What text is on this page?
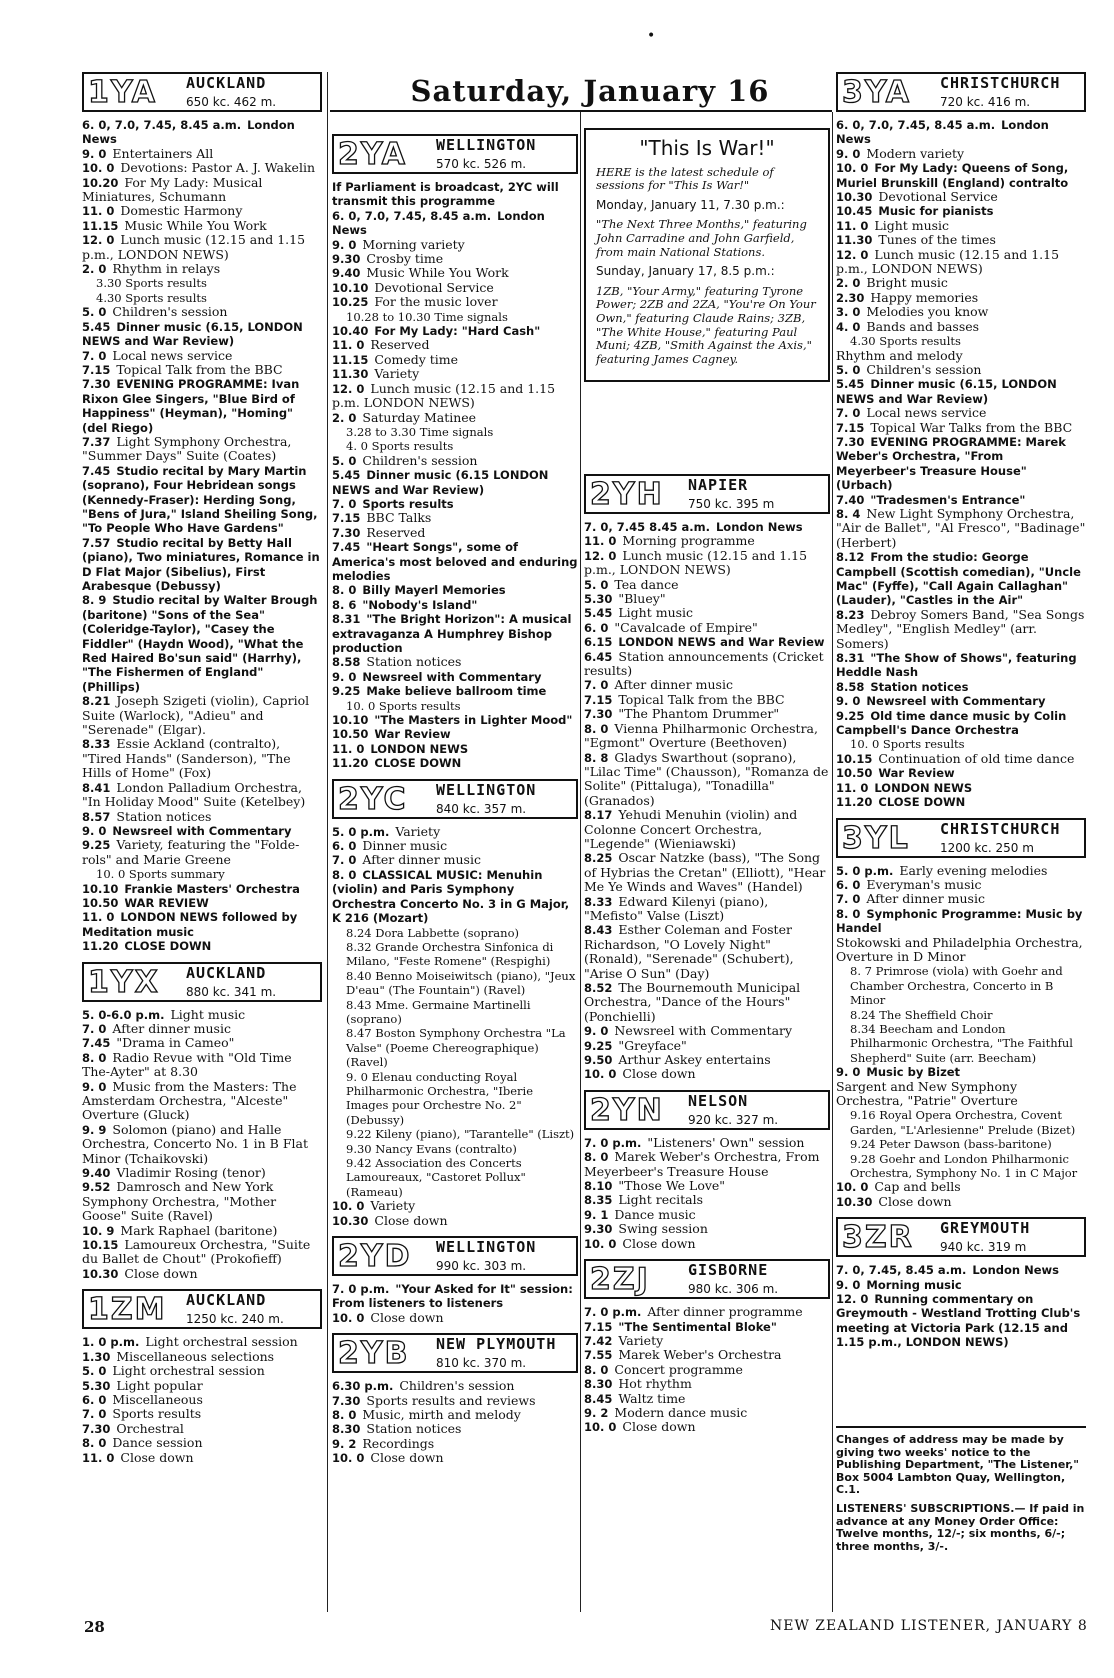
•
Saturday, January 16
1YA AUCKLAND
650 kc. 462 m.
6. 0, 7.0, 7.45, 8.45 a.m. London News
9. 0 Entertainers All
10. 0 Devotions: Pastor A. J. Wakelin
10.20 For My Lady: Musical Miniatures, Schumann
11. 0 Domestic Harmony
11.15 Music While You Work
12. 0 Lunch music (12.15 and 1.15 p.m., LONDON NEWS)
2. 0 Rhythm in relays
3.30 Sports results
4.30 Sports results
5. 0 Children's session
5.45 Dinner music (6.15, LONDON NEWS and War Review)
7. 0 Local news service
7.15 Topical Talk from the BBC
7.30 EVENING PROGRAMME: Ivan Rixon Glee Singers, "Blue Bird of Happiness" (Heyman), "Homing" (del Riego)
7.37 Light Symphony Orchestra, "Summer Days" Suite (Coates)
7.45 Studio recital by Mary Martin (soprano), Four Hebridean songs (Kennedy-Fraser): Herding Song, "Bens of Jura," Island Sheiling Song, "To People Who Have Gardens"
7.57 Studio recital by Betty Hall (piano), Two miniatures, Romance in D Flat Major (Sibelius), First Arabesque (Debussy)
8. 9 Studio recital by Walter Brough (baritone) "Sons of the Sea" (Coleridge-Taylor), "Casey the Fiddler" (Haydn Wood), "What the Red Haired Bo'sun said" (Harrhy), "The Fishermen of England" (Phillips)
8.21 Joseph Szigeti (violin), Capriol Suite (Warlock), "Adieu" and "Serenade" (Elgar).
8.33 Essie Ackland (contralto), "Tired Hands" (Sanderson), "The Hills of Home" (Fox)
8.41 London Palladium Orchestra, "In Holiday Mood" Suite (Ketelbey)
8.57 Station notices
9. 0 Newsreel with Commentary
9.25 Variety, featuring the "Folde-rols" and Marie Greene
10. 0 Sports summary
10.10 Frankie Masters' Orchestra
10.50 WAR REVIEW
11. 0 LONDON NEWS followed by Meditation music
11.20 CLOSE DOWN
1YX AUCKLAND
880 kc. 341 m.
5. 0-6.0 p.m. Light music
7. 0 After dinner music
7.45 "Drama in Cameo"
8. 0 Radio Revue with "Old Time The-Ayter" at 8.30
9. 0 Music from the Masters: The Amsterdam Orchestra, "Alceste" Overture (Gluck)
9. 9 Solomon (piano) and Halle Orchestra, Concerto No. 1 in B Flat Minor (Tchaikovski)
9.40 Vladimir Rosing (tenor)
9.52 Damrosch and New York Symphony Orchestra, "Mother Goose" Suite (Ravel)
10. 9 Mark Raphael (baritone)
10.15 Lamoureux Orchestra, "Suite du Ballet de Chout" (Prokofieff)
10.30 Close down
1ZM AUCKLAND
1250 kc. 240 m.
1. 0 p.m. Light orchestral session
1.30 Miscellaneous selections
5. 0 Light orchestral session
5.30 Light popular
6. 0 Miscellaneous
7. 0 Sports results
7.30 Orchestral
8. 0 Dance session
11. 0 Close down
2YA WELLINGTON
570 kc. 526 m.
If Parliament is broadcast, 2YC will transmit this programme
6. 0, 7.0, 7.45, 8.45 a.m. London News
9. 0 Morning variety
9.30 Crosby time
9.40 Music While You Work
10.10 Devotional Service
10.25 For the music lover
10.28 to 10.30 Time signals
10.40 For My Lady: "Hard Cash"
11. 0 Reserved
11.15 Comedy time
11.30 Variety
12. 0 Lunch music (12.15 and 1.15 p.m. LONDON NEWS)
2. 0 Saturday Matinee
3.28 to 3.30 Time signals
4. 0 Sports results
5. 0 Children's session
5.45 Dinner music (6.15 LONDON NEWS and War Review)
7. 0 Sports results
7.15 BBC Talks
7.30 Reserved
7.45 "Heart Songs", some of America's most beloved and enduring melodies
8. 0 Billy Mayerl Memories
8. 6 "Nobody's Island"
8.31 "The Bright Horizon": A musical extravaganza A Humphrey Bishop production
8.58 Station notices
9. 0 Newsreel with Commentary
9.25 Make believe ballroom time
10. 0 Sports results
10.10 "The Masters in Lighter Mood"
10.50 War Review
11. 0 LONDON NEWS
11.20 CLOSE DOWN
2YC WELLINGTON
840 kc. 357 m.
5. 0 p.m. Variety
6. 0 Dinner music
7. 0 After dinner music
8. 0 CLASSICAL MUSIC: Menuhin (violin) and Paris Symphony Orchestra Concerto No. 3 in G Major, K 216 (Mozart)
8.24 Dora Labbette (soprano)
8.32 Grande Orchestra Sinfonica di Milano, "Feste Romene" (Respighi)
8.40 Benno Moiseiwitsch (piano), "Jeux D'eau" (The Fountain") (Ravel)
8.43 Mme. Germaine Martinelli (soprano)
8.47 Boston Symphony Orchestra "La Valse" (Poeme Chereographique) (Ravel)
9. 0 Elenau conducting Royal Philharmonic Orchestra, "Iberie Images pour Orchestre No. 2" (Debussy)
9.22 Kileny (piano), "Tarantelle" (Liszt)
9.30 Nancy Evans (contralto)
9.42 Association des Concerts Lamoureaux, "Castoret Pollux" (Rameau)
10. 0 Variety
10.30 Close down
2YD WELLINGTON
990 kc. 303 m.
7. 0 p.m. "Your Asked for It" session: From listeners to listeners
10. 0 Close down
2YB NEW PLYMOUTH
810 kc. 370 m.
6.30 p.m. Children's session
7.30 Sports results and reviews
8. 0 Music, mirth and melody
8.30 Station notices
9. 2 Recordings
10. 0 Close down
"This Is War!"

HERE is the latest schedule of sessions for "This Is War!"

Monday, January 11, 7.30 p.m.:

"The Next Three Months," featuring John Carradine and John Garfield, from main National Stations.

Sunday, January 17, 8.5 p.m.:

1ZB, "Your Army," featuring Tyrone Power; 2ZB and 2ZA, "You're On Your Own," featuring Claude Rains; 3ZB, "The White House," featuring Paul Muni; 4ZB, "Smith Against the Axis," featuring James Cagney.

2YH NAPIER
750 kc. 395 m
7. 0, 7.45 8.45 a.m. London News
11. 0 Morning programme
12. 0 Lunch music (12.15 and 1.15 p.m., LONDON NEWS)
5. 0 Tea dance
5.30 "Bluey"
5.45 Light music
6. 0 "Cavalcade of Empire"
6.15 LONDON NEWS and War Review
6.45 Station announcements (Cricket results)
7. 0 After dinner music
7.15 Topical Talk from the BBC
7.30 "The Phantom Drummer"
8. 0 Vienna Philharmonic Orchestra, "Egmont" Overture (Beethoven)
8. 8 Gladys Swarthout (soprano), "Lilac Time" (Chausson), "Romanza de Solite" (Pittaluga), "Tonadilla" (Granados)
8.17 Yehudi Menuhin (violin) and Colonne Concert Orchestra, "Legende" (Wieniawski)
8.25 Oscar Natzke (bass), "The Song of Hybrias the Cretan" (Elliott), "Hear Me Ye Winds and Waves" (Handel)
8.33 Edward Kilenyi (piano), "Mefisto" Valse (Liszt)
8.43 Esther Coleman and Foster Richardson, "O Lovely Night" (Ronald), "Serenade" (Schubert), "Arise O Sun" (Day)
8.52 The Bournemouth Municipal Orchestra, "Dance of the Hours" (Ponchielli)
9. 0 Newsreel with Commentary
9.25 "Greyface"
9.50 Arthur Askey entertains
10. 0 Close down
2YN NELSON
920 kc. 327 m.
7. 0 p.m. "Listeners' Own" session
8. 0 Marek Weber's Orchestra, From Meyerbeer's Treasure House
8.10 "Those We Love"
8.35 Light recitals
9. 1 Dance music
9.30 Swing session
10. 0 Close down
2ZJ	GISBORNE
980 kc. 306 m.
7. 0 p.m. After dinner programme
7.15 "The Sentimental Bloke"
7.42 Variety
7.55 Marek Weber's Orchestra
8. 0 Concert programme
8.30 Hot rhythm
8.45 Waltz time
9. 2 Modern dance music
10. 0 Close down
3YA CHRISTCHURCH
720 kc. 416 m.
6. 0, 7.0, 7.45, 8.45 a.m. London News
9. 0 Modern variety
10. 0 For My Lady: Queens of Song, Muriel Brunskill (England) contralto
10.30 Devotional Service
10.45 Music for pianists
11. 0 Light music
11.30 Tunes of the times
12. 0 Lunch music (12.15 and 1.15 p.m., LONDON NEWS)
2. 0 Bright music
2.30 Happy memories
3. 0 Melodies you know
4. 0 Bands and basses
4.30 Sports results
Rhythm and melody
5. 0 Children's session
5.45 Dinner music (6.15, LONDON NEWS and War Review)
7. 0 Local news service
7.15 Topical War Talks from the BBC
7.30 EVENING PROGRAMME: Marek Weber's Orchestra, "From Meyerbeer's Treasure House" (Urbach)
7.40 "Tradesmen's Entrance"
8. 4 New Light Symphony Orchestra, "Air de Ballet", "Al Fresco", "Badinage" (Herbert)
8.12 From the studio: George Campbell (Scottish comedian), "Uncle Mac" (Fyffe), "Call Again Callaghan" (Lauder), "Castles in the Air"
8.23 Debroy Somers Band, "Sea Songs Medley", "English Medley" (arr. Somers)
8.31 "The Show of Shows", featuring Heddle Nash
8.58 Station notices
9. 0 Newsreel with Commentary
9.25 Old time dance music by Colin Campbell's Dance Orchestra
10. 0 Sports results
10.15 Continuation of old time dance
10.50 War Review
11. 0 LONDON NEWS
11.20 CLOSE DOWN
3YL CHRISTCHURCH
1200 kc. 250 m
5. 0 p.m. Early evening melodies
6. 0 Everyman's music
7. 0 After dinner music
8. 0 Symphonic Programme: Music by Handel
Stokowski and Philadelphia Orchestra, Overture in D Minor
8. 7 Primrose (viola) with Goehr and Chamber Orchestra, Concerto in B Minor
8.24 The Sheffield Choir
8.34 Beecham and London Philharmonic Orchestra, "The Faithful Shepherd" Suite (arr. Beecham)
9. 0 Music by Bizet
Sargent and New Symphony Orchestra, "Patrie" Overture
9.16 Royal Opera Orchestra, Covent Garden, "L'Arlesienne" Prelude (Bizet)
9.24 Peter Dawson (bass-baritone)
9.28 Goehr and London Philharmonic Orchestra, Symphony No. 1 in C Major
10. 0 Cap and bells
10.30 Close down
3ZR GREYMOUTH
940 kc. 319 m
7. 0, 7.45, 8.45 a.m. London News
9. 0 Morning music
12. 0 Running commentary on Greymouth - Westland Trotting Club's meeting at Victoria Park (12.15 and 1.15 p.m., LONDON NEWS)

Changes of address may be made by giving two weeks' notice to the Publishing Department, "The Listener," Box 5004 Lambton Quay, Wellington, C.1.

LISTENERS' SUBSCRIPTIONS.— If paid in advance at any Money Order Office: Twelve months, 12/-; six months, 6/-; three months, 3/-.

28	NEW ZEALAND LISTENER, JANUARY 8
